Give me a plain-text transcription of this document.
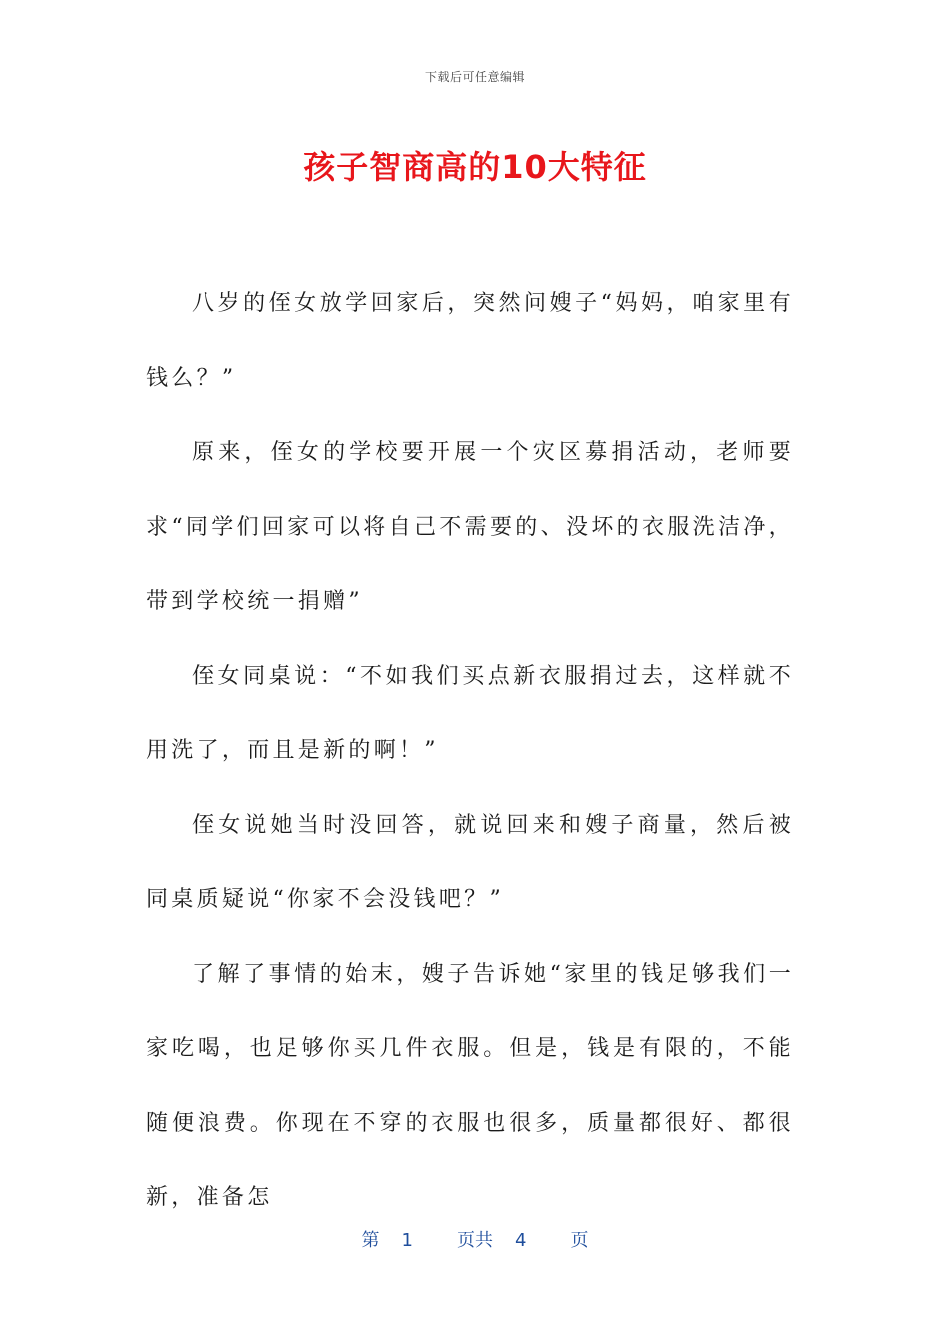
下载后可任意编辑
孩子智商高的10大特征

八岁的侄女放学回家后，突然问嫂子“妈妈，咱家里有钱么？”

原来，侄女的学校要开展一个灾区募捐活动，老师要求“同学们回家可以将自己不需要的、没坏的衣服洗洁净，带到学校统一捐赠”

侄女同桌说：“不如我们买点新衣服捐过去，这样就不用洗了，而且是新的啊！”

侄女说她当时没回答，就说回来和嫂子商量，然后被同桌质疑说“你家不会没钱吧？”

了解了事情的始末，嫂子告诉她“家里的钱足够我们一家吃喝，也足够你买几件衣服。但是，钱是有限的，不能随便浪费。你现在不穿的衣服也很多，质量都很好、都很新，准备怎

第 1 页共 4 页
